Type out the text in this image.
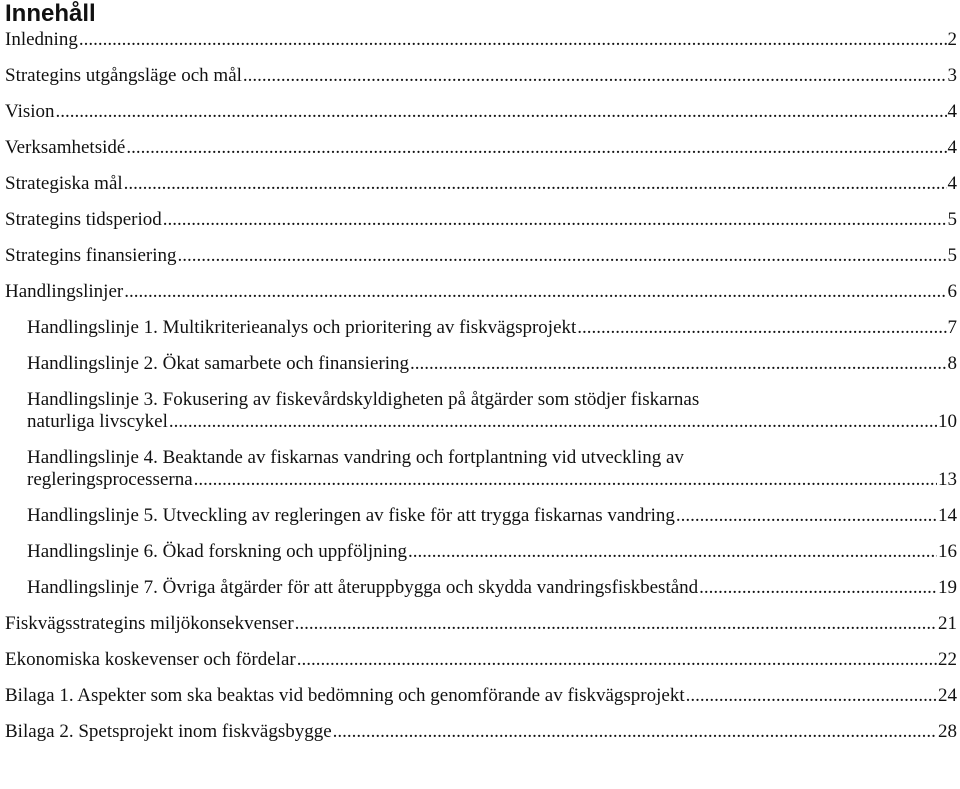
Innehåll
Inledning .....	2
Strategins utgångsläge och mål .....	3
Vision .....	4
Verksamhetsidé .....	4
Strategiska mål .....	4
Strategins tidsperiod .....	5
Strategins finansiering .....	5
Handlingslinjer .....	6
Handlingslinje 1. Multikriterieanalys och prioritering av fiskvägsprojekt .....	7
Handlingslinje 2. Ökat samarbete och finansiering .....	8
Handlingslinje 3. Fokusering av fiskevårdskyldigheten på åtgärder som stödjer fiskarnas
naturliga livscykel .....	10
Handlingslinje 4. Beaktande av fiskarnas vandring och fortplantning vid utveckling av
regleringsprocesserna .....	13
Handlingslinje 5. Utveckling av regleringen av fiske för att trygga fiskarnas vandring .....	14
Handlingslinje 6. Ökad forskning och uppföljning .....	16
Handlingslinje 7. Övriga åtgärder för att återuppbygga och skydda vandringsfiskbestånd .....	19
Fiskvägsstrategins miljökonsekvenser .....	21
Ekonomiska koskevenser och fördelar .....	22
Bilaga 1. Aspekter som ska beaktas vid bedömning och genomförande av fiskvägsprojekt .....	24
Bilaga 2. Spetsprojekt inom fiskvägsbygge .....	28
